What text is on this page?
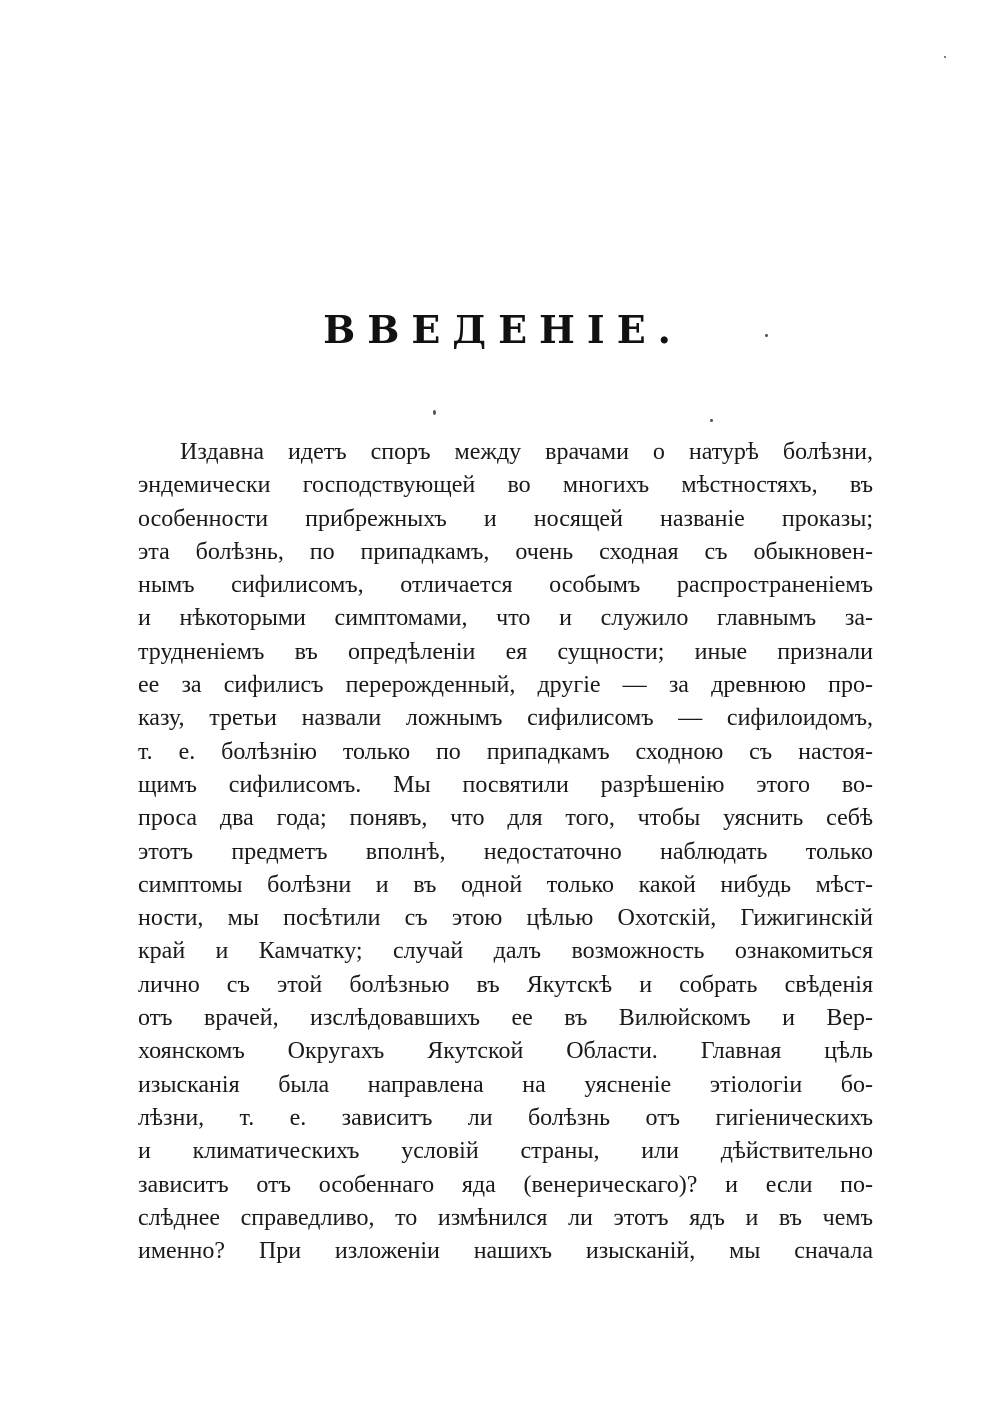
ВВЕДЕНIЕ.
Издавна идетъ споръ между врачами о натурѣ болѣзни,
эндемически господствующей во многихъ мѣстностяхъ, въ
особенности прибрежныхъ и носящей названіе проказы;
эта болѣзнь, по припадкамъ, очень сходная съ обыкновен-
нымъ сифилисомъ, отличается особымъ распространеніемъ
и нѣкоторыми симптомами, что и служило главнымъ за-
трудненіемъ въ опредѣленіи ея сущности; иные признали
ее за сифилисъ перерожденный, другіе — за древнюю про-
казу, третьи назвали ложнымъ сифилисомъ — сифилоидомъ,
т. е. болѣзнію только по припадкамъ сходною съ настоя-
щимъ сифилисомъ. Мы посвятили разрѣшенію этого во-
проса два года; понявъ, что для того, чтобы уяснить себѣ
этотъ предметъ вполнѣ, недостаточно наблюдать только
симптомы болѣзни и въ одной только какой нибудь мѣст-
ности, мы посѣтили съ этою цѣлью Охотскій, Гижигинскій
край и Камчатку; случай далъ возможность ознакомиться
лично съ этой болѣзнью въ Якутскѣ и собрать свѣденія
отъ врачей, изслѣдовавшихъ ее въ Вилюйскомъ и Вер-
хоянскомъ Округахъ Якутской Области. Главная цѣль
изысканія была направлена на уясненіе этіологіи бо-
лѣзни, т. е. зависитъ ли болѣзнь отъ гигіеническихъ
и климатическихъ условій страны, или дѣйствительно
зависитъ отъ особеннаго яда (венерическаго)? и если по-
слѣднее справедливо, то измѣнился ли этотъ ядъ и въ чемъ
именно? При изложеніи нашихъ изысканій, мы сначала
